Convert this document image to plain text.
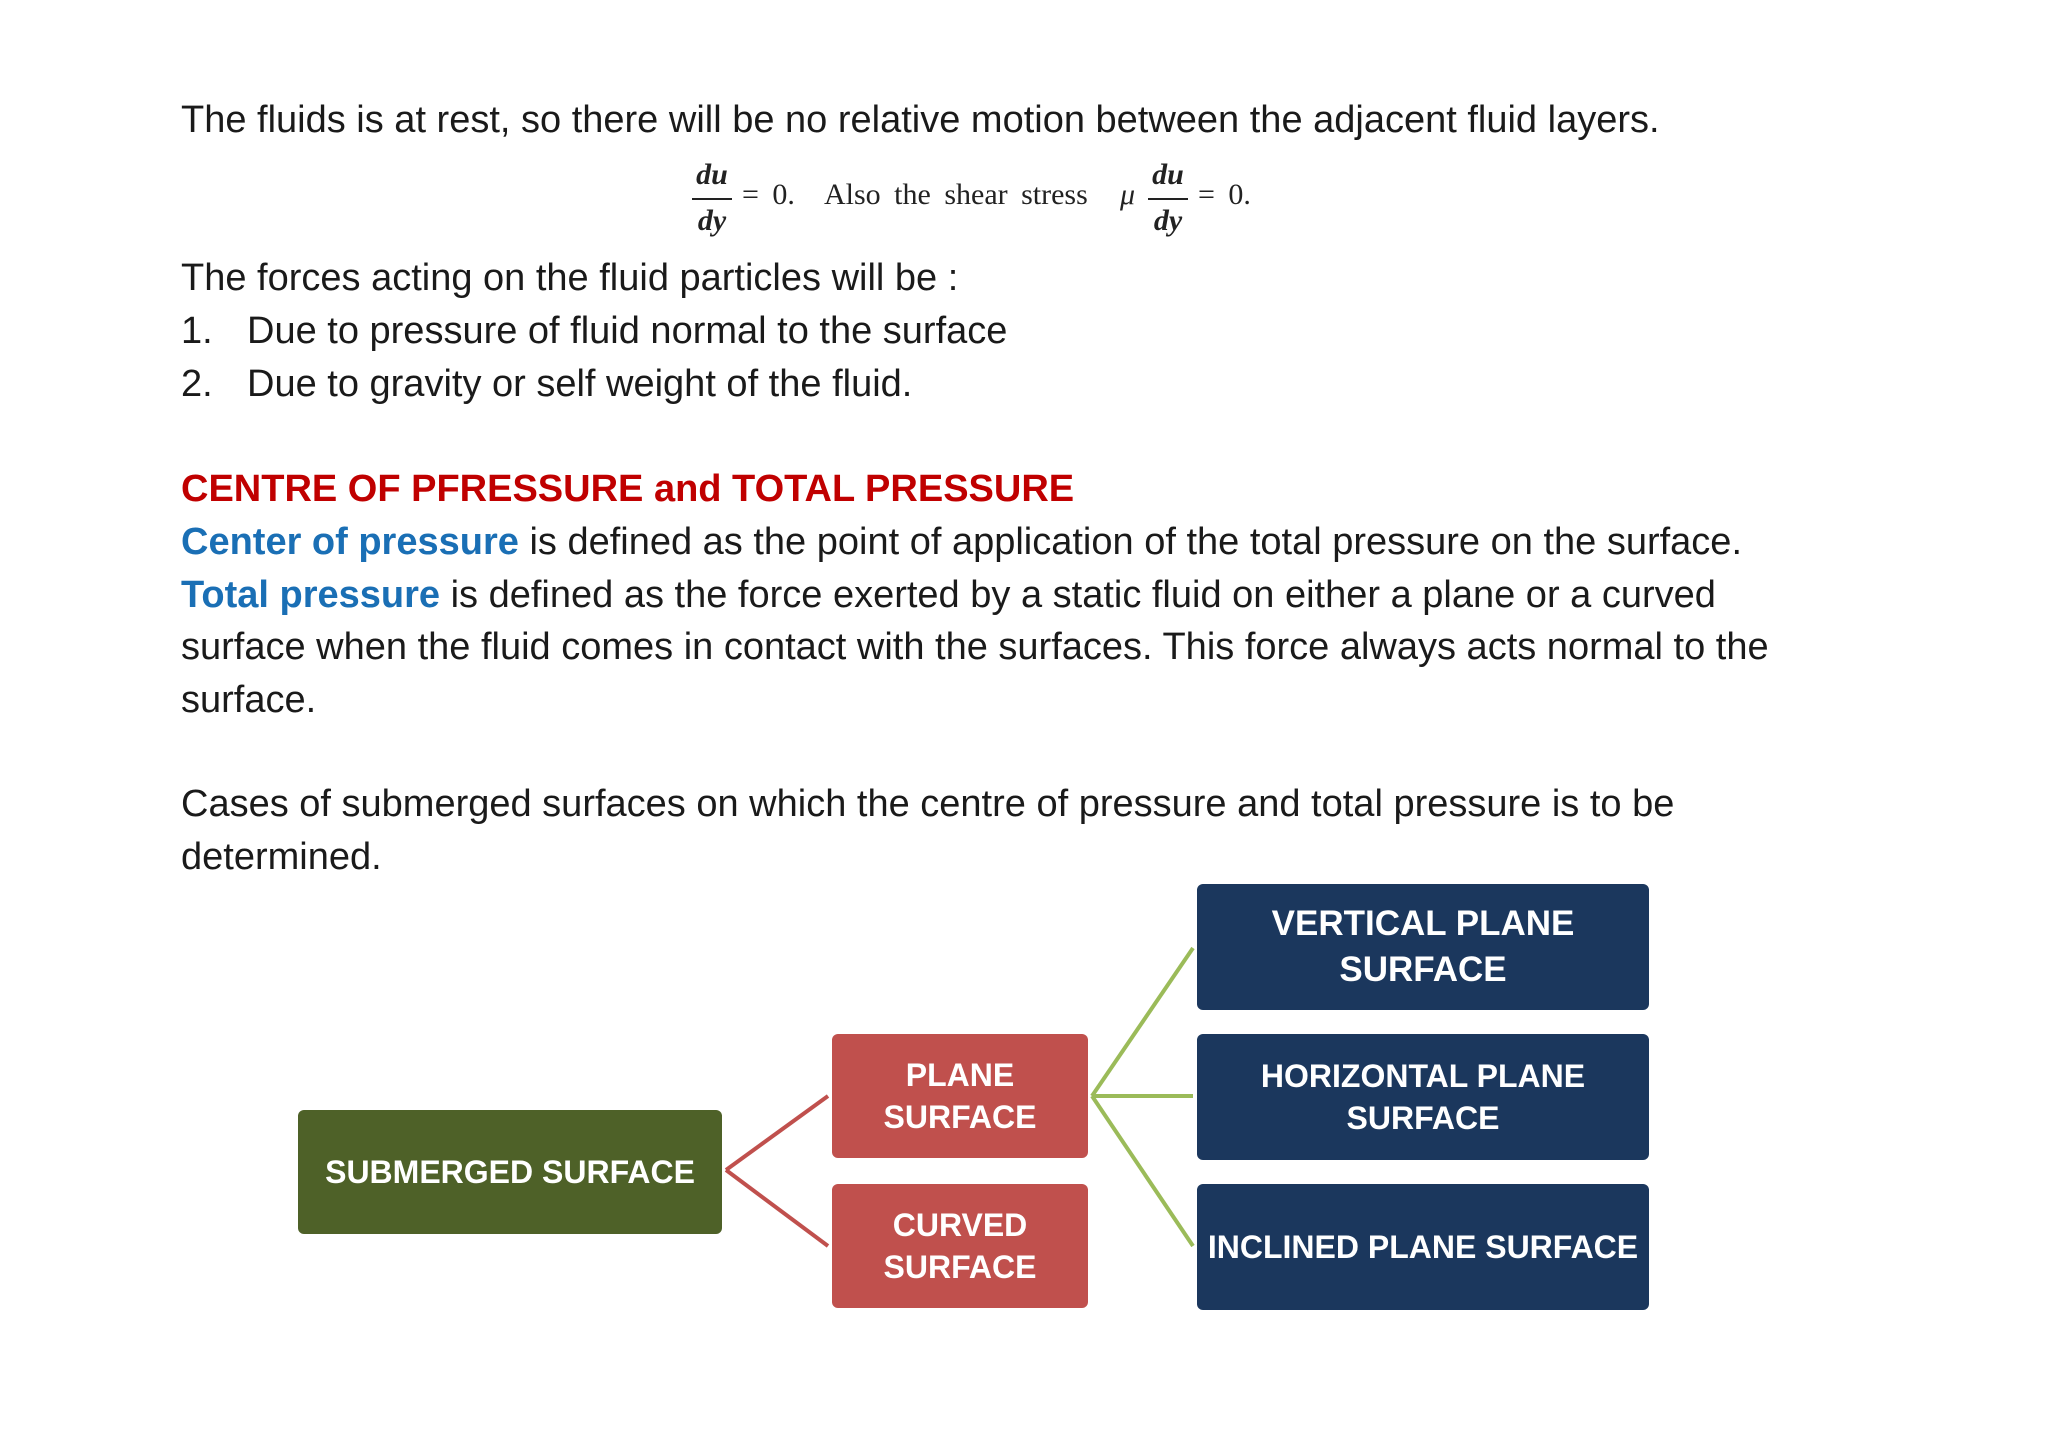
The fluids is at rest, so there will be no relative motion between the adjacent fluid layers.
du
dy
= 0. Also the shear stress μ
du
dy
= 0.
The forces acting on the fluid particles will be :
1. Due to pressure of fluid normal to the surface
2. Due to gravity or self weight of the fluid.
CENTRE OF PFRESSURE and TOTAL PRESSURE
Center of pressure is defined as the point of application of the total pressure on the surface.
Total pressure is defined as the force exerted by a static fluid on either a plane or a curved
surface when the fluid comes in contact with the surfaces. This force always acts normal to the
surface.
Cases of submerged surfaces on which the centre of pressure and total pressure is to be
determined.
SUBMERGED SURFACE
PLANE SURFACE
CURVED
SURFACE
VERTICAL PLANE
SURFACE
HORIZONTAL PLANE
SURFACE
INCLINED PLANE SURFACE
